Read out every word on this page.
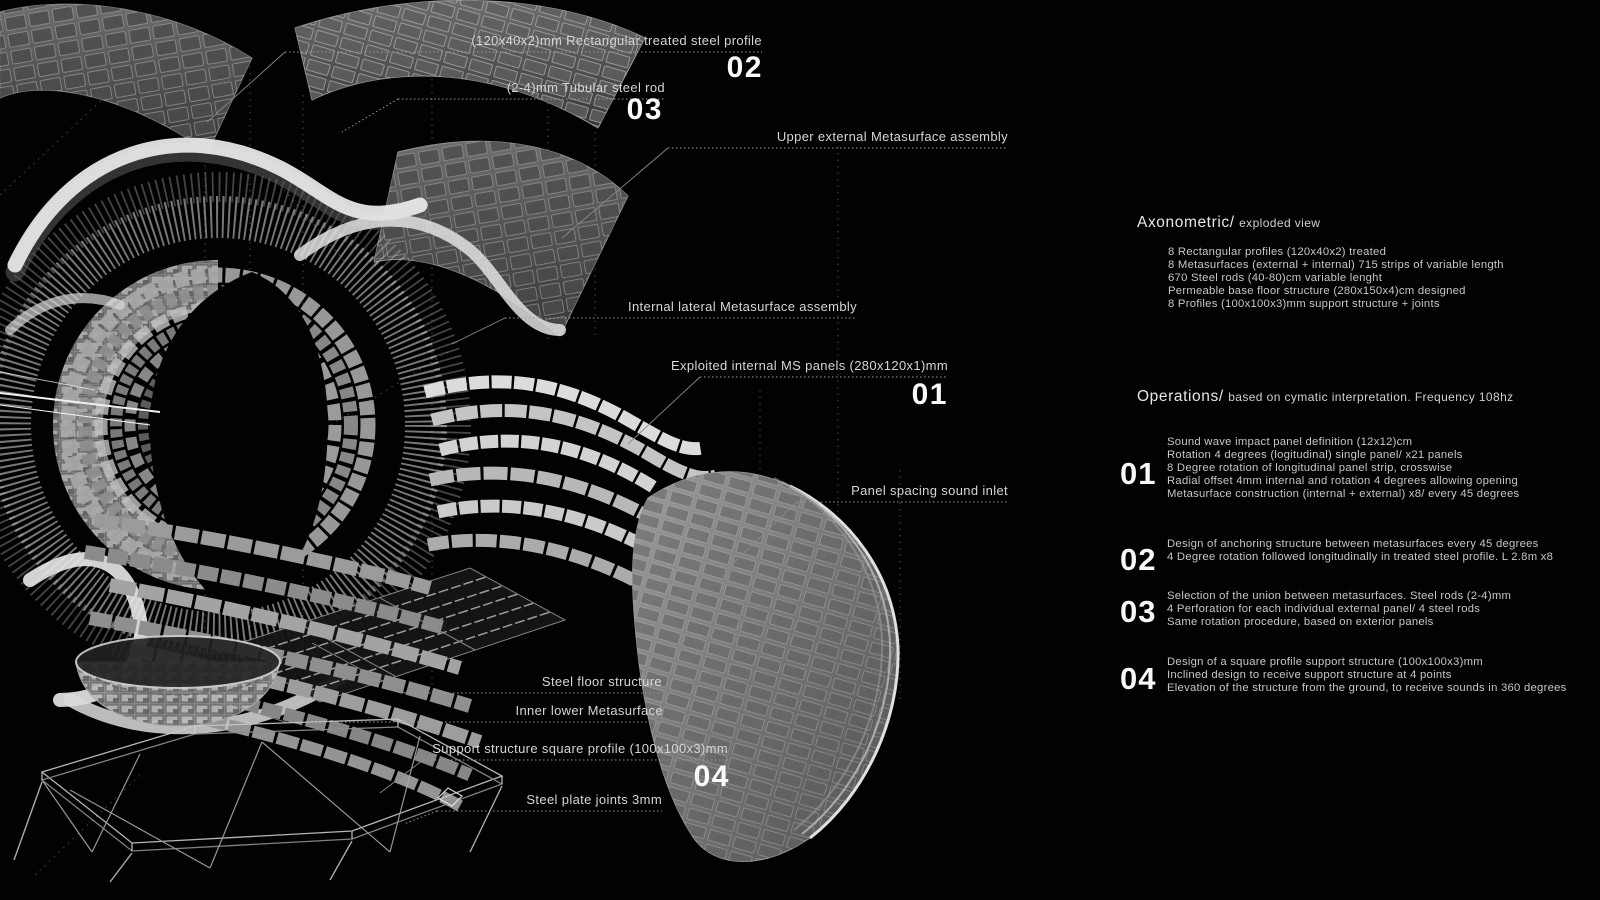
(120x40x2)mm Rectangular treated steel profile
02
(2-4)mm Tubular steel rod
03
Upper external Metasurface assembly
Internal lateral Metasurface assembly
Exploited internal MS panels (280x120x1)mm
01
Panel spacing sound inlet
Steel floor structure
Inner lower Metasurface
Support structure square profile (100x100x3)mm
04
Steel plate joints 3mm
Axonometric/ exploded view
8 Rectangular profiles (120x40x2) treated
8 Metasurfaces (external + internal) 715 strips of variable length
670 Steel rods (40-80)cm variable lenght
Permeable base floor structure (280x150x4)cm designed
8 Profiles (100x100x3)mm support structure + joints
Operations/ based on cymatic interpretation. Frequency 108hz
01
Sound wave impact panel definition (12x12)cm
Rotation 4 degrees (logitudinal) single panel/ x21 panels
8 Degree rotation of longitudinal panel strip, crosswise
Radial offset 4mm internal and rotation 4 degrees allowing opening
Metasurface construction (internal + external) x8/ every 45 degrees
02 Design of anchoring structure between metasurfaces every 45 degrees
4 Degree rotation followed longitudinally in treated steel profile. L 2.8m x8
03 Selection of the union between metasurfaces. Steel rods (2-4)mm
4 Perforation for each individual external panel/ 4 steel rods
Same rotation procedure, based on exterior panels
04 Design of a square profile support structure (100x100x3)mm
Inclined design to receive support structure at 4 points
Elevation of the structure from the ground, to receive sounds in 360 degrees
